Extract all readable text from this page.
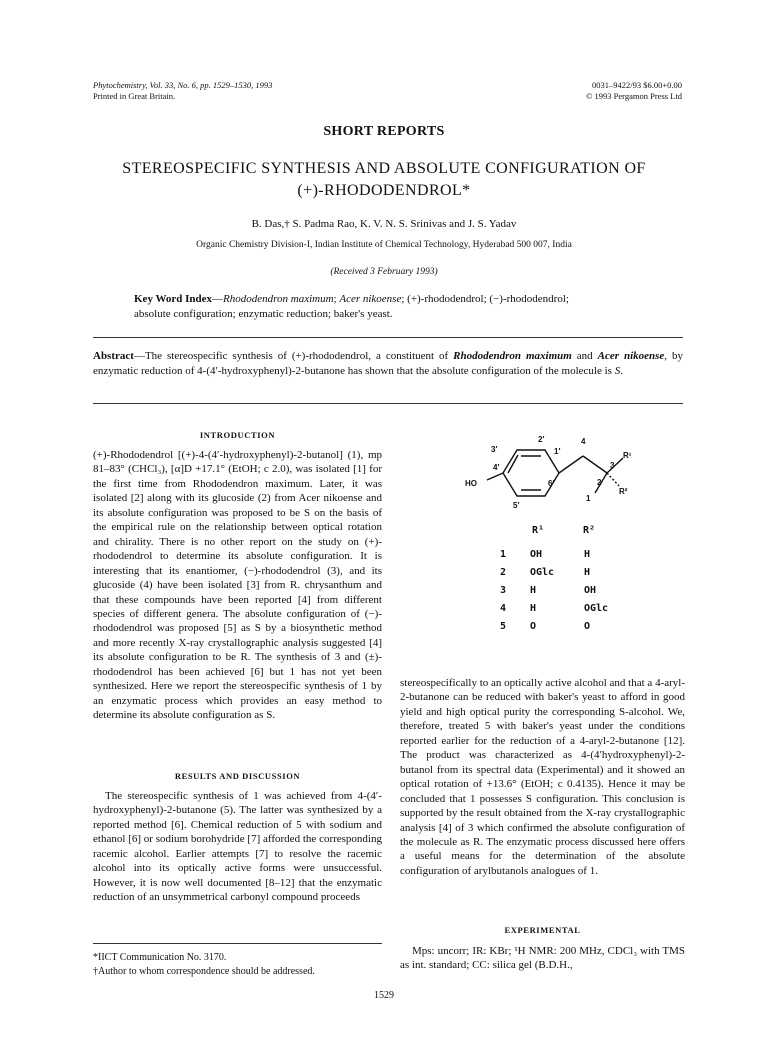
Phytochemistry, Vol. 33, No. 6, pp. 1529–1530, 1993
Printed in Great Britain.
0031–9422/93 $6.00+0.00
© 1993 Pergamon Press Ltd
SHORT REPORTS
STEREOSPECIFIC SYNTHESIS AND ABSOLUTE CONFIGURATION OF
(+)-RHODODENDROL*
B. Das,† S. Padma Rao, K. V. N. S. Srinivas and J. S. Yadav
Organic Chemistry Division-I, Indian Institute of Chemical Technology, Hyderabad 500 007, India
(Received 3 February 1993)
Key Word Index—Rhododendron maximum; Acer nikoense; (+)-rhododendrol; (−)-rhododendrol;
absolute configuration; enzymatic reduction; baker's yeast.
Abstract—The stereospecific synthesis of (+)-rhododendrol, a constituent of Rhododendron maximum and Acer nikoense, by enzymatic reduction of 4-(4′-hydroxyphenyl)-2-butanone has shown that the absolute configuration of the molecule is S.
INTRODUCTION

(+)-Rhododendrol [(+)-4-(4′-hydroxyphenyl)-2-butanol] (1), mp 81–83° (CHCl₃), [α]D +17.1° (EtOH; c 2.0), was isolated [1] for the first time from Rhododendron maximum. Later, it was isolated [2] along with its glucoside (2) from Acer nikoense and its absolute configuration was proposed to be S on the basis of the empirical rule on the relationship between optical rotation and chirality. There is no other report on the study on (+)-rhododendrol to determine its absolute configuration. It is interesting that its enantiomer, (−)-rhododendrol (3), and its glucoside (4) have been isolated [3] from R. chrysanthum and that these compounds have been reported [4] from different species of different genera. The absolute configuration of (−)-rhododendrol was proposed [5] as S by a biosynthetic method and more recently X-ray crystallographic analysis suggested [4] its absolute configuration to be R. The synthesis of 3 and (±)-rhododendrol has been achieved [6] but 1 has not yet been synthesized. Here we report the stereospecific synthesis of 1 by an enzymatic process which provides an easy method to determine its absolute configuration as S.

RESULTS AND DISCUSSION

The stereospecific synthesis of 1 was achieved from 4-(4′-hydroxyphenyl)-2-butanone (5). The latter was synthesized by a reported method [6]. Chemical reduction of 5 with sodium and ethanol [6] or sodium borohydride [7] afforded the corresponding racemic alcohol. Earlier attempts [7] to resolve the racemic alcohol into its optically active forms were unsuccessful. However, it is now well documented [8–12] that the enzymatic reduction of an unsymmetrical carbonyl compound proceeds

*IICT Communication No. 3170.
†Author to whom correspondence should be addressed.
HO
R¹
R²
2′
1′
4
3
3′
4′
5′
6′	2
1
R¹	R²
1 OH	H
2 OGlc	H
3 H	OH
4 H	OGlc
5 O	O

stereospecifically to an optically active alcohol and that a 4-aryl-2-butanone can be reduced with baker's yeast to afford in good yield and high optical purity the corresponding S-alcohol. We, therefore, treated 5 with baker's yeast under the conditions reported earlier for the reduction of a 4-aryl-2-butanone [12]. The product was characterized as 4-(4′hydroxyphenyl)-2-butanol from its spectral data (Experimental) and it showed an optical rotation of +13.6° (EtOH; c 0.4135). Hence it may be concluded that 1 possesses S configuration. This conclusion is supported by the result obtained from the X-ray crystallographic analysis [4] of 3 which confirmed the absolute configuration of the molecule as R. The enzymatic process discussed here offers a useful means for the determination of the absolute configuration of arylbutanols analogues of 1.

EXPERIMENTAL

Mps: uncorr; IR: KBr; ¹H NMR: 200 MHz, CDCl₃ with TMS as int. standard; CC: silica gel (B.D.H.,

1529
